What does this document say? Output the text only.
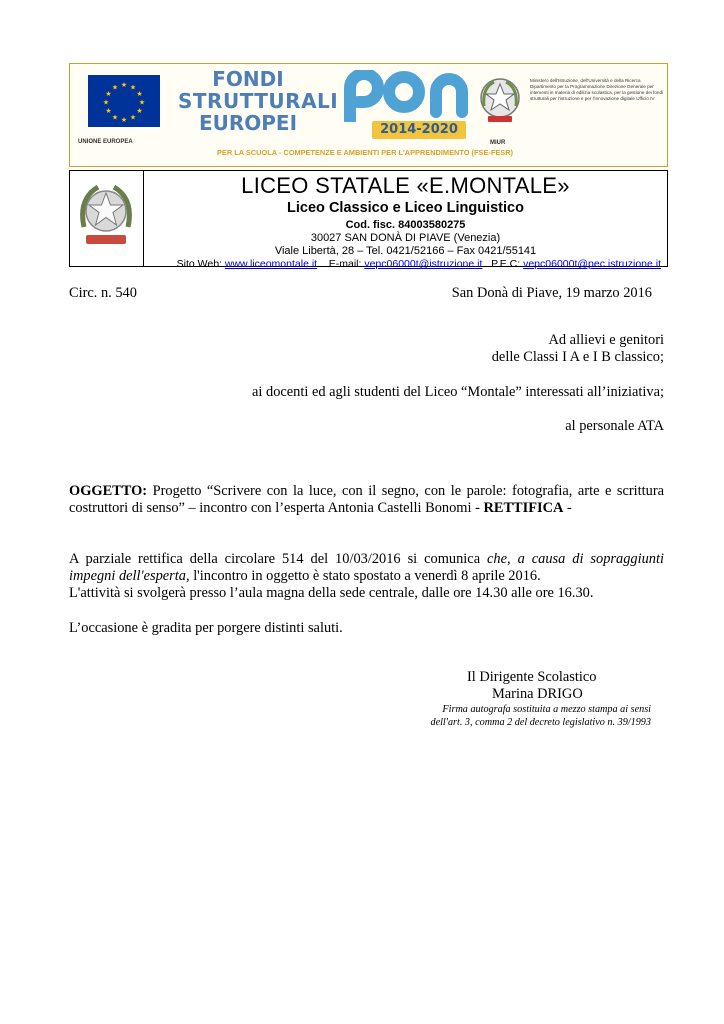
★ ★
★
★
★
★
★
★
★
★
★
★
UNIONE EUROPEA
FONDI
STRUTTURALI
EUROPEI	2014-2020
Ministero dell'Istruzione, dell'Università e della Ricerca Dipartimento per la Programmazione Direzione Generale per interventi in materia di edilizia scolastica, per la gestione dei fondi strutturali per l'istruzione e per l'innovazione digitale Ufficio IV
MIUR
PER LA SCUOLA - COMPETENZE E AMBIENTI PER L'APPRENDIMENTO (FSE-FESR)
LICEO STATALE «E.MONTALE»
Liceo Classico e Liceo Linguistico
Cod. fisc. 84003580275
30027 SAN DONÀ DI PIAVE (Venezia)
Viale Libertà, 28 – Tel. 0421/52166 – Fax 0421/55141
Sito Web: www.liceomontale.it E-mail: vepc06000t@istruzione.it P.E.C: vepc06000t@pec.istruzione.it
Circ. n. 540	San Donà di Piave, 19 marzo 2016
Ad allievi e genitori
delle Classi I A e I B classico;
ai docenti ed agli studenti del Liceo “Montale” interessati all’iniziativa;
al personale ATA
OGGETTO: Progetto “Scrivere con la luce, con il segno, con le parole: fotografia, arte e scrittura costruttori di senso” – incontro con l’esperta Antonia Castelli Bonomi - RETTIFICA -
A parziale rettifica della circolare 514 del 10/03/2016 si comunica che, a causa di sopraggiunti impegni dell'esperta, l'incontro in oggetto è stato spostato a venerdì 8 aprile 2016.
L'attività si svolgerà presso l’aula magna della sede centrale, dalle ore 14.30 alle ore 16.30.
L’occasione è gradita per porgere distinti saluti.
Il Dirigente Scolastico
Marina DRIGO
Firma autografa sostituita a mezzo stampa ai sensi
dell'art. 3, comma 2 del decreto legislativo n. 39/1993
